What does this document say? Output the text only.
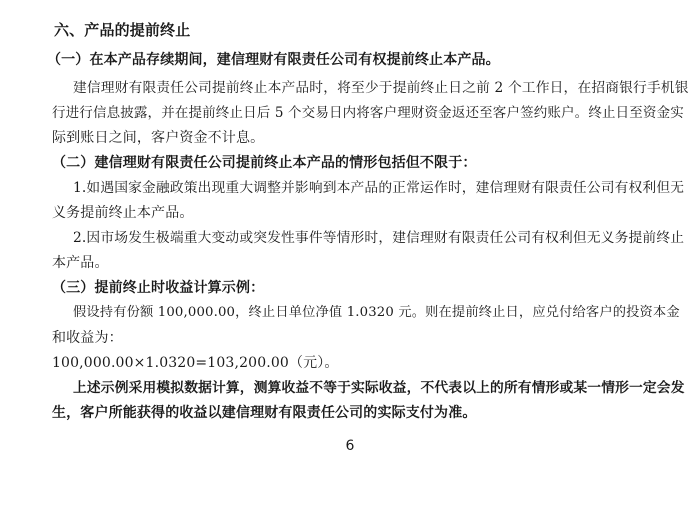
六、产品的提前终止
（一）在本产品存续期间，建信理财有限责任公司有权提前终止本产品。
建信理财有限责任公司提前终止本产品时，将至少于提前终止日之前 2 个工作日，在招商银行手机银
行进行信息披露，并在提前终止日后 5 个交易日内将客户理财资金返还至客户签约账户。终止日至资金实
际到账日之间，客户资金不计息。
（二）建信理财有限责任公司提前终止本产品的情形包括但不限于：
1.如遇国家金融政策出现重大调整并影响到本产品的正常运作时，建信理财有限责任公司有权利但无
义务提前终止本产品。
2.因市场发生极端重大变动或突发性事件等情形时，建信理财有限责任公司有权利但无义务提前终止
本产品。
（三）提前终止时收益计算示例：
假设持有份额 100,000.00，终止日单位净值 1.0320 元。则在提前终止日，应兑付给客户的投资本金
和收益为：
100,000.00×1.0320=103,200.00（元）。
上述示例采用模拟数据计算，测算收益不等于实际收益，不代表以上的所有情形或某一情形一定会发
生，客户所能获得的收益以建信理财有限责任公司的实际支付为准。
6
